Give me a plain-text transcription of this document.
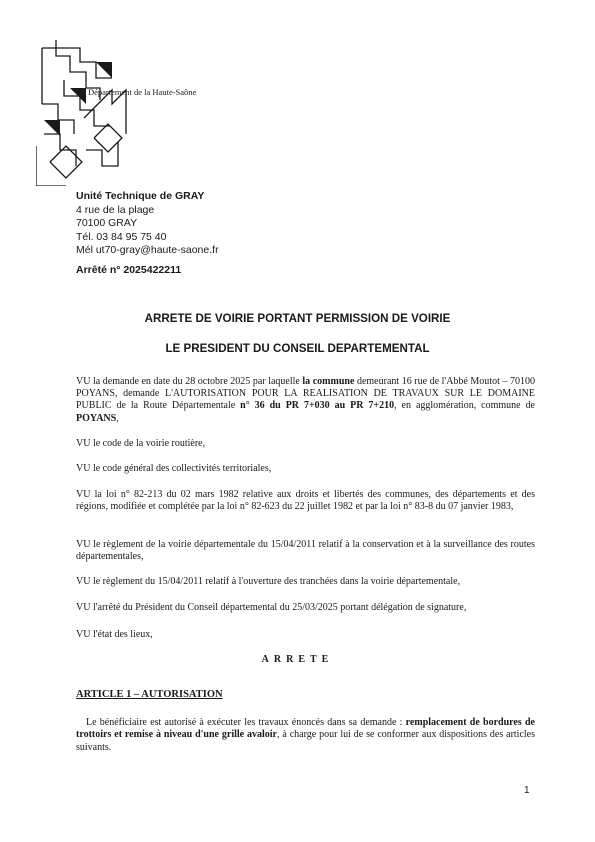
Département de la Haute-Saône
Unité Technique de GRAY
4 rue de la plage
70100 GRAY
Tél. 03 84 95 75 40
Mél ut70-gray@haute-saone.fr
Arrêté n° 2025422211
ARRETE DE VOIRIE PORTANT PERMISSION DE VOIRIE
LE PRESIDENT DU CONSEIL DEPARTEMENTAL
VU la demande en date du 28 octobre 2025 par laquelle la commune demeurant 16 rue de l'Abbé Moutot – 70100 POYANS, demande L'AUTORISATION POUR LA REALISATION DE TRAVAUX SUR LE DOMAINE PUBLIC de la Route Départementale n° 36 du PR 7+030 au PR 7+210, en agglomération, commune de POYANS,
VU le code de la voirie routière,
VU le code général des collectivités territoriales,
VU la loi n° 82-213 du 02 mars 1982 relative aux droits et libertés des communes, des départements et des régions, modifiée et complétée par la loi n° 82-623 du 22 juillet 1982 et par la loi n° 83-8 du 07 janvier 1983,
VU le règlement de la voirie départementale du 15/04/2011 relatif à la conservation et à la surveillance des routes départementales,
VU le règlement du 15/04/2011 relatif à l'ouverture des tranchées dans la voirie départementale,
VU l'arrêté du Président du Conseil départemental du 25/03/2025 portant délégation de signature,
VU l'état des lieux,
ARRETE
ARTICLE 1 – AUTORISATION
Le bénéficiaire est autorisé à exécuter les travaux énoncés dans sa demande : remplacement de bordures de trottoirs et remise à niveau d'une grille avaloir, à charge pour lui de se conformer aux dispositions des articles suivants.
1
